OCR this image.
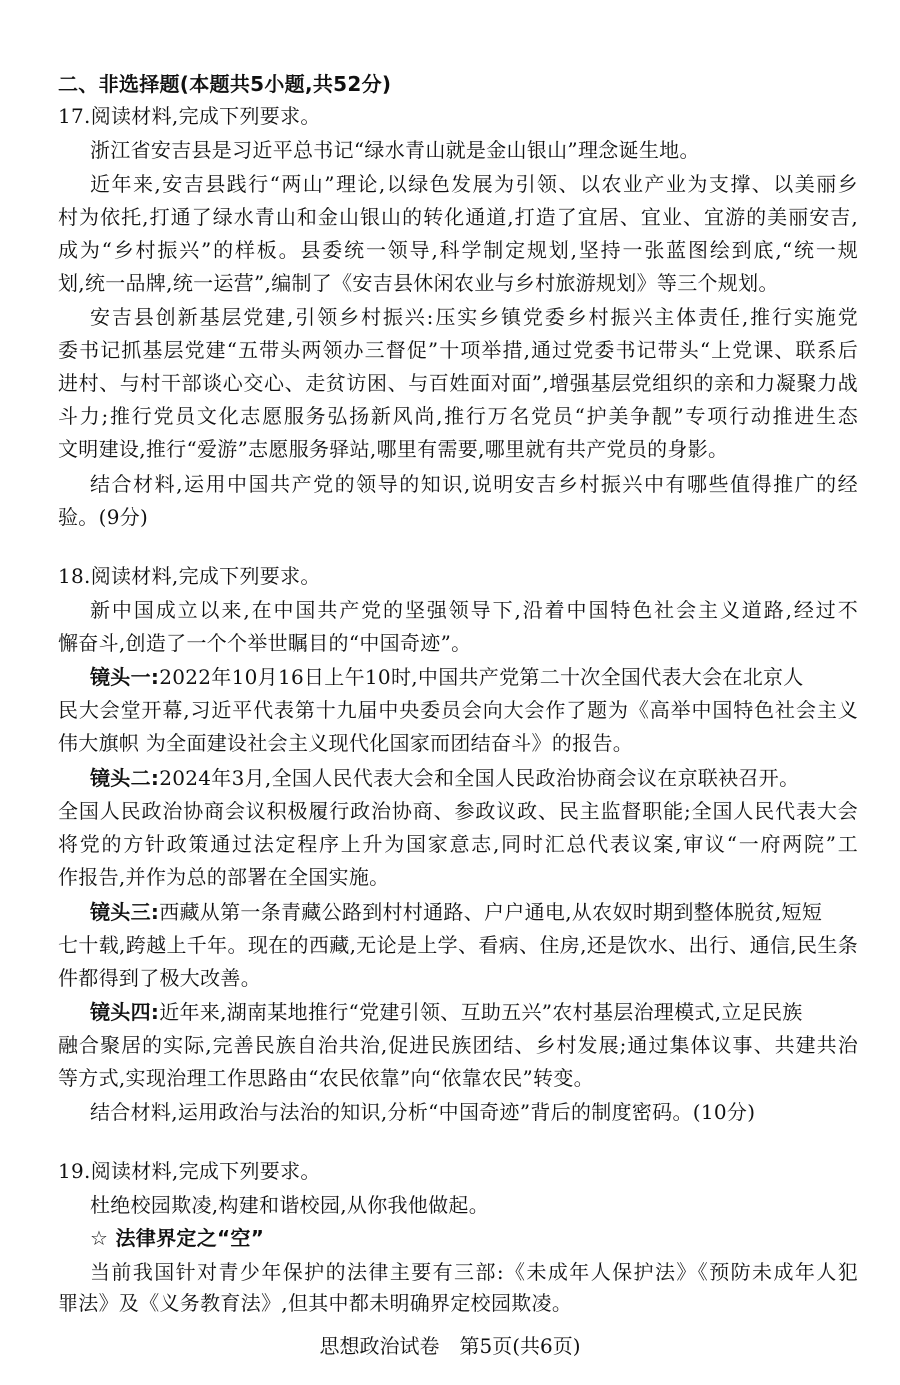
二、非选择题(本题共5小题,共52分)
17.阅读材料,完成下列要求。
浙江省安吉县是习近平总书记“绿水青山就是金山银山”理念诞生地。
近年来,安吉县践行“两山”理论,以绿色发展为引领、以农业产业为支撑、以美丽乡
村为依托,打通了绿水青山和金山银山的转化通道,打造了宜居、宜业、宜游的美丽安吉,
成为“乡村振兴”的样板。县委统一领导,科学制定规划,坚持一张蓝图绘到底,“统一规
划,统一品牌,统一运营”,编制了《安吉县休闲农业与乡村旅游规划》等三个规划。
安吉县创新基层党建,引领乡村振兴:压实乡镇党委乡村振兴主体责任,推行实施党
委书记抓基层党建“五带头两领办三督促”十项举措,通过党委书记带头“上党课、联系后
进村、与村干部谈心交心、走贫访困、与百姓面对面”,增强基层党组织的亲和力凝聚力战
斗力;推行党员文化志愿服务弘扬新风尚,推行万名党员“护美争靓”专项行动推进生态
文明建设,推行“爱游”志愿服务驿站,哪里有需要,哪里就有共产党员的身影。
结合材料,运用中国共产党的领导的知识,说明安吉乡村振兴中有哪些值得推广的经
验。(9分)
18.阅读材料,完成下列要求。
新中国成立以来,在中国共产党的坚强领导下,沿着中国特色社会主义道路,经过不
懈奋斗,创造了一个个举世瞩目的“中国奇迹”。
镜头一:2022年10月16日上午10时,中国共产党第二十次全国代表大会在北京人
民大会堂开幕,习近平代表第十九届中央委员会向大会作了题为《高举中国特色社会主义
伟大旗帜 为全面建设社会主义现代化国家而团结奋斗》的报告。
镜头二:2024年3月,全国人民代表大会和全国人民政治协商会议在京联袂召开。
全国人民政治协商会议积极履行政治协商、参政议政、民主监督职能;全国人民代表大会
将党的方针政策通过法定程序上升为国家意志,同时汇总代表议案,审议“一府两院”工
作报告,并作为总的部署在全国实施。
镜头三:西藏从第一条青藏公路到村村通路、户户通电,从农奴时期到整体脱贫,短短
七十载,跨越上千年。现在的西藏,无论是上学、看病、住房,还是饮水、出行、通信,民生条
件都得到了极大改善。
镜头四:近年来,湖南某地推行“党建引领、互助五兴”农村基层治理模式,立足民族
融合聚居的实际,完善民族自治共治,促进民族团结、乡村发展;通过集体议事、共建共治
等方式,实现治理工作思路由“农民依靠”向“依靠农民”转变。
结合材料,运用政治与法治的知识,分析“中国奇迹”背后的制度密码。(10分)
19.阅读材料,完成下列要求。
杜绝校园欺凌,构建和谐校园,从你我他做起。
☆ 法律界定之“空”
当前我国针对青少年保护的法律主要有三部:《未成年人保护法》《预防未成年人犯
罪法》及《义务教育法》,但其中都未明确界定校园欺凌。
思想政治试卷　第5页(共6页)
